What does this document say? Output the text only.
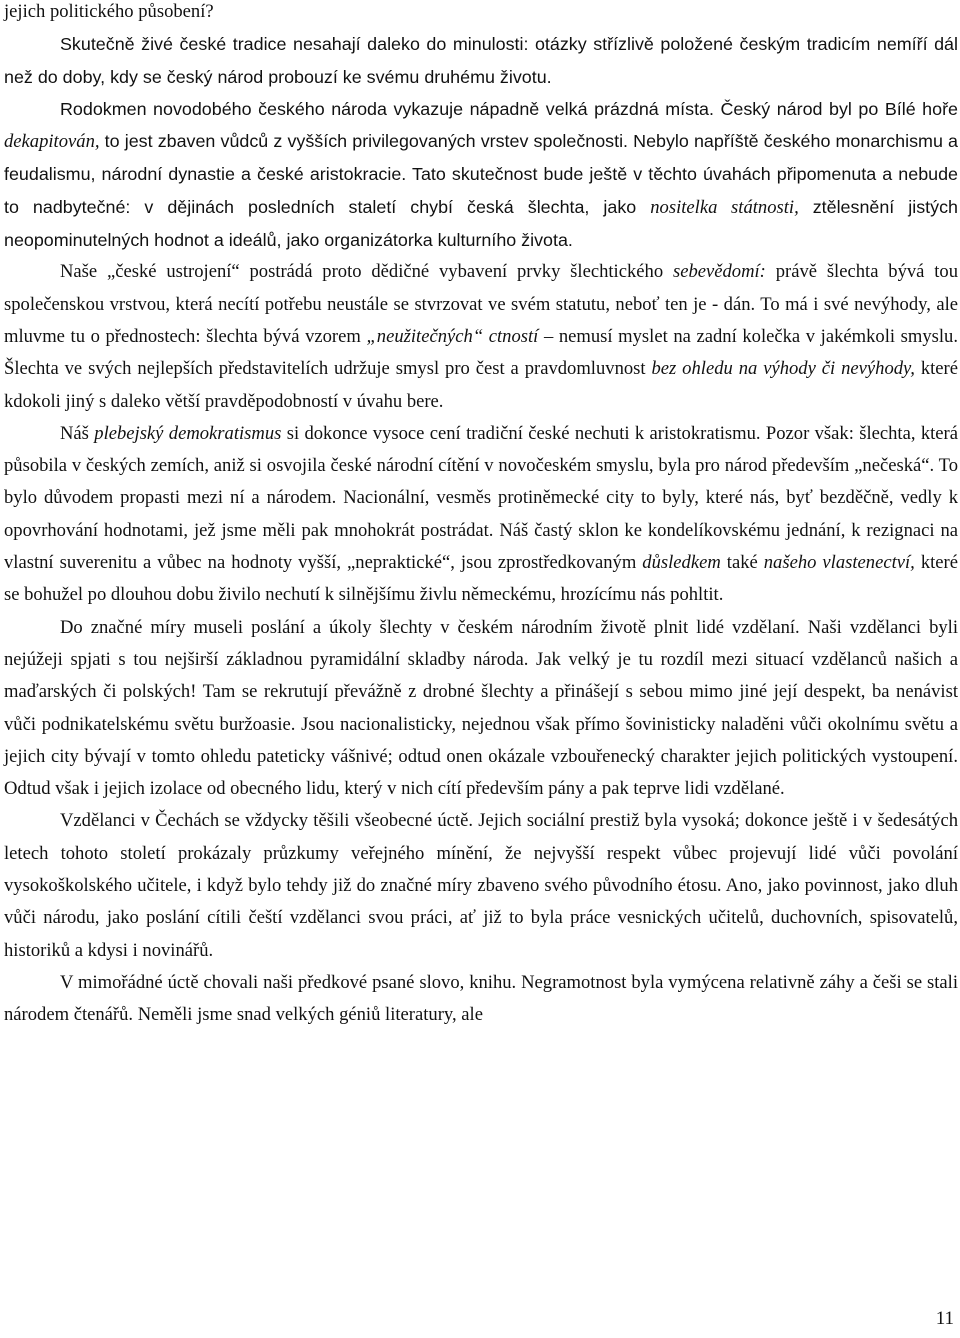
jejich politického působení?

Skutečně živé české tradice nesahají daleko do minulosti: otázky střízlivě položené českým tradicím nemíří dál než do doby, kdy se český národ probouzí ke svému druhému životu.

Rodokmen novodobého českého národa vykazuje nápadně velká prázdná místa. Český národ byl po Bílé hoře dekapitován, to jest zbaven vůdců z vyšších privilegovaných vrstev společnosti. Nebylo napříště českého monarchismu a feudalismu, národní dynastie a české aristokracie. Tato skutečnost bude ještě v těchto úvahách připomenuta a nebude to nadbytečné: v dějinách posledních staletí chybí česká šlechta, jako nositelka státnosti, ztělesnění jistých neopominutelných hodnot a ideálů, jako organizátorka kulturního života.

Naše „české ustrojení“ postrádá proto dědičné vybavení prvky šlechtického sebevědomí: právě šlechta bývá tou společenskou vrstvou, která necítí potřebu neustále se stvrzovat ve svém statutu, neboť ten je - dán. To má i své nevýhody, ale mluvme tu o přednostech: šlechta bývá vzorem „neužitečných“ ctností – nemusí myslet na zadní kolečka v jakémkoli smyslu. Šlechta ve svých nejlepších představitelích udržuje smysl pro čest a pravdomluvnost bez ohledu na výhody či nevýhody, které kdokoli jiný s daleko větší pravděpodobností v úvahu bere.

Náš plebejský demokratismus si dokonce vysoce cení tradiční české nechuti k aristokratismu. Pozor však: šlechta, která působila v českých zemích, aniž si osvojila české národní cítění v novočeském smyslu, byla pro národ především „nečeská“. To bylo důvodem propasti mezi ní a národem. Nacionální, vesměs protiněmecké city to byly, které nás, byť bezděčně, vedly k opovrhování hodnotami, jež jsme měli pak mnohokrát postrádat. Náš častý sklon ke kondelíkovskému jednání, k rezignaci na vlastní suverenitu a vůbec na hodnoty vyšší, „nepraktické“, jsou zprostředkovaným důsledkem také našeho vlastenectví, které se bohužel po dlouhou dobu živilo nechutí k silnějšímu živlu německému, hrozícímu nás pohltit.

Do značné míry museli poslání a úkoly šlechty v českém národním životě plnit lidé vzdělaní. Naši vzdělanci byli nejúžeji spjati s tou nejširší základnou pyramidální skladby národa. Jak velký je tu rozdíl mezi situací vzdělanců našich a maďarských či polských! Tam se rekrutují převážně z drobné šlechty a přinášejí s sebou mimo jiné její despekt, ba nenávist vůči podnikatelskému světu buržoasie. Jsou nacionalisticky, nejednou však přímo šovinisticky naladěni vůči okolnímu světu a jejich city bývají v tomto ohledu pateticky vášnivé; odtud onen okázale vzbouřenecký charakter jejich politických vystoupení. Odtud však i jejich izolace od obecného lidu, který v nich cítí především pány a pak teprve lidi vzdělané.

Vzdělanci v Čechách se vždycky těšili všeobecné úctě. Jejich sociální prestiž byla vysoká; dokonce ještě i v šedesátých letech tohoto století prokázaly průzkumy veřejného mínění, že nejvyšší respekt vůbec projevují lidé vůči povolání vysokoškolského učitele, i když bylo tehdy již do značné míry zbaveno svého původního étosu. Ano, jako povinnost, jako dluh vůči národu, jako poslání cítili čeští vzdělanci svou práci, ať již to byla práce vesnických učitelů, duchovních, spisovatelů, historiků a kdysi i novinářů.

V mimořádné úctě chovali naši předkové psané slovo, knihu. Negramotnost byla vymýcena relativně záhy a češi se stali národem čtenářů. Neměli jsme snad velkých géniů literatury, ale

11
